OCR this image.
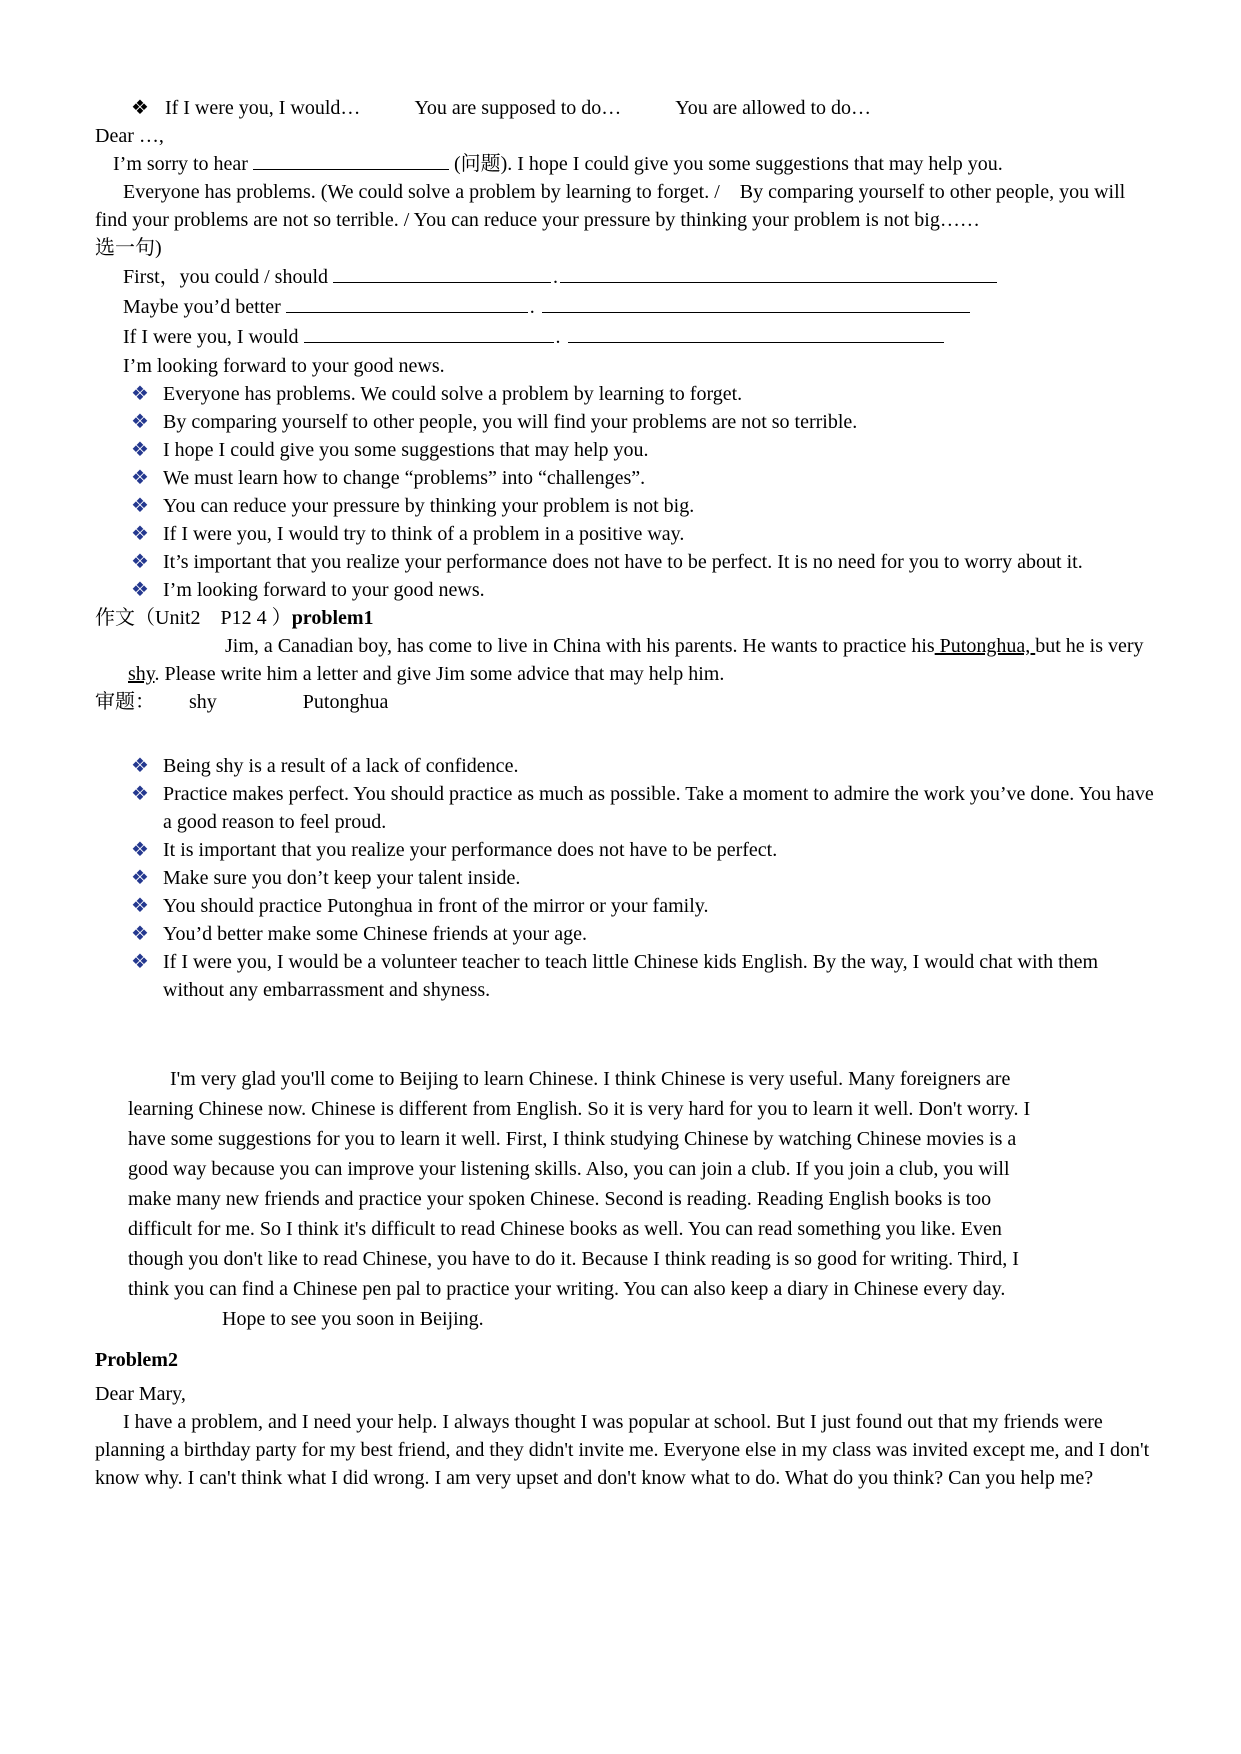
❖ If I were you, I would…	You are supposed to do…	You are allowed to do…
Dear …,
I’m sorry to hear	(问题). I hope I could give you some suggestions that may help you.
Everyone has problems. (We could solve a problem by learning to forget. /　By comparing yourself to other people, you will find your problems are not so terrible. / You can reduce your pressure by thinking your problem is not big……
选一句)
First，you could / should	.
Maybe you’d better	.
If I were you, I would	.
I’m looking forward to your good news.
❖ Everyone has problems. We could solve a problem by learning to forget.
❖ By comparing yourself to other people, you will find your problems are not so terrible.
❖ I hope I could give you some suggestions that may help you.
❖ We must learn how to change “problems” into “challenges”.
❖ You can reduce your pressure by thinking your problem is not big.
❖ If I were you, I would try to think of a problem in a positive way.
❖ It’s important that you realize your performance does not have to be perfect. It is no need for you to worry about it.
❖ I’m looking forward to your good news.
作文（Unit2　P12 4 ）problem1
Jim, a Canadian boy, has come to live in China with his parents. He wants to practice his Putonghua, but he is very shy. Please write him a letter and give Jim some advice that may help him.
审题： shy	Putonghua
❖ Being shy is a result of a lack of confidence.
❖ Practice makes perfect. You should practice as much as possible. Take a moment to admire the work you’ve done. You have a good reason to feel proud.
❖ It is important that you realize your performance does not have to be perfect.
❖ Make sure you don’t keep your talent inside.
❖ You should practice Putonghua in front of the mirror or your family.
❖ You’d better make some Chinese friends at your age.
❖ If I were you, I would be a volunteer teacher to teach little Chinese kids English. By the way, I would chat with them without any embarrassment and shyness.
I'm very glad you'll come to Beijing to learn Chinese. I think Chinese is very useful. Many foreigners are learning Chinese now. Chinese is different from English. So it is very hard for you to learn it well. Don't worry. I have some suggestions for you to learn it well. First, I think studying Chinese by watching Chinese movies is a good way because you can improve your listening skills. Also, you can join a club. If you join a club, you will make many new friends and practice your spoken Chinese. Second is reading. Reading English books is too difficult for me. So I think it's difficult to read Chinese books as well. You can read something you like. Even though you don't like to read Chinese, you have to do it. Because I think reading is so good for writing. Third, I think you can find a Chinese pen pal to practice your writing. You can also keep a diary in Chinese every day.
Hope to see you soon in Beijing.
Problem2
Dear Mary,
I have a problem, and I need your help. I always thought I was popular at school. But I just found out that my friends were planning a birthday party for my best friend, and they didn't invite me. Everyone else in my class was invited except me, and I don't know why. I can't think what I did wrong. I am very upset and don't know what to do. What do you think? Can you help me?
